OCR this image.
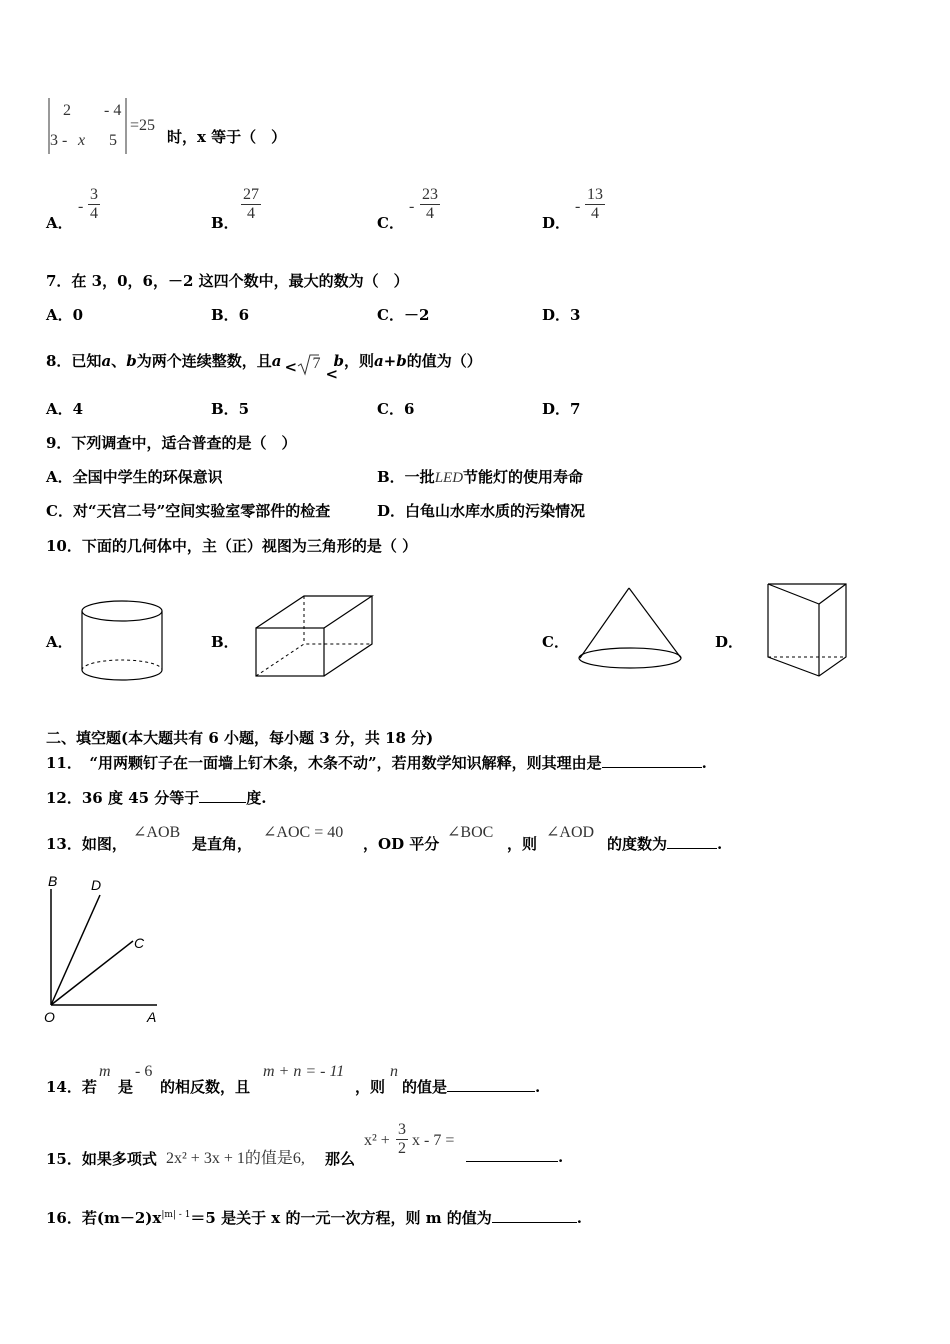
2 - 4
3 - x 5
=25
时，x 等于（　）
A．
-
3
4
B．
27
4
C．
-
23
4
D．
-
13
4
7．在 3，0，6，－2 这四个数中，最大的数为（　）
A．0	B．6	C．－2	D．3
8．已知a、b为两个连续整数，且a < 7
<
b，则a+b的值为（）
A．4	B．5	C．6	D．7
9．下列调查中，适合普查的是（　）
A．全国中学生的环保意识	B．一批LED节能灯的使用寿命
C．对“天宫二号”空间实验室零部件的检查	D．白龟山水库水质的污染情况
10．下面的几何体中，主（正）视图为三角形的是（ ）
A．	B．	C．	D．
二、填空题(本大题共有 6 小题，每小题 3 分，共 18 分)
11．　“用两颗钉子在一面墙上钉木条，木条不动”，若用数学知识解释，则其理由是	.
12．36 度 45 分等于	度.
13．如图，
∠AOB
是直角，
∠AOC = 40
，OD 平分
∠BOC
，则
∠AOD
的度数为	.
B D
C
O	A
14．若
m
是
- 6
的相反数，且
m + n = - 11
，则
n
的值是	.
15．如果多项式 2x² + 3x + 1的值是6, 那么
x² +
3
2 x - 7 =
.
16．若$(m-2)x^{|m| - 1}=5$ 是关于 x 的一元一次方程，则 m 的值为	.
